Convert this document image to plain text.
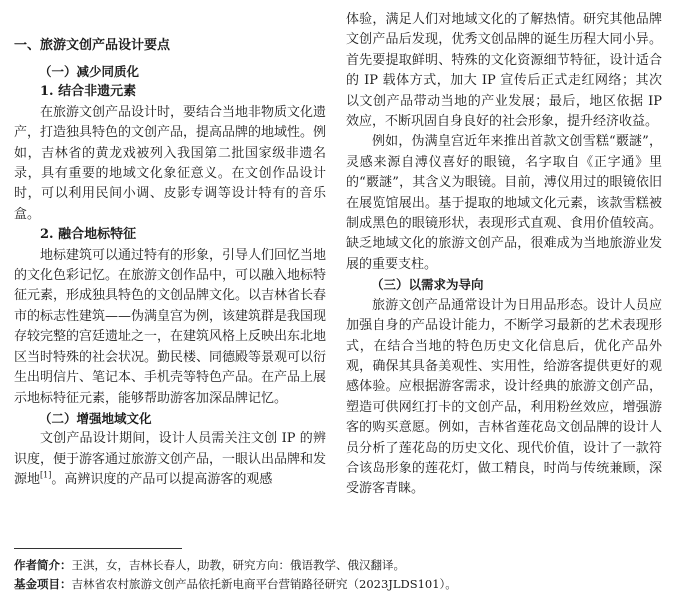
一、旅游文创产品设计要点
（一）减少同质化
1. 结合非遗元素

在旅游文创产品设计时，要结合当地非物质文化遗产，打造独具特色的文创产品，提高品牌的地域性。例如，吉林省的黄龙戏被列入我国第二批国家级非遗名录，具有重要的地域文化象征意义。在文创作品设计时，可以利用民间小调、皮影专调等设计特有的音乐盒。

2. 融合地标特征

地标建筑可以通过特有的形象，引导人们回忆当地的文化色彩记忆。在旅游文创作品中，可以融入地标特征元素，形成独具特色的文创品牌文化。以吉林省长春市的标志性建筑——伪满皇宫为例，该建筑群是我国现存较完整的宫廷遗址之一，在建筑风格上反映出东北地区当时特殊的社会状况。勤民楼、同德殿等景观可以衍生出明信片、笔记本、手机壳等特色产品。在产品上展示地标特征元素，能够帮助游客加深品牌记忆。

（二）增强地域文化

文创产品设计期间，设计人员需关注文创 IP 的辨识度，便于游客通过旅游文创产品，一眼认出品牌和发源地[1]。高辨识度的产品可以提高游客的观感

体验，满足人们对地域文化的了解热情。研究其他品牌文创产品后发现，优秀文创品牌的诞生历程大同小异。首先要提取鲜明、特殊的文化资源细节特征，设计适合的 IP 载体方式，加大 IP 宣传后正式走红网络；其次以文创产品带动当地的产业发展；最后，地区依据 IP 效应，不断巩固自身良好的社会形象，提升经济收益。

例如，伪满皇宫近年来推出首款文创雪糕“覈謎”，灵感来源自溥仪喜好的眼镜，名字取自《正字通》里的“覈謎”，其含义为眼镜。目前，溥仪用过的眼镜依旧在展览馆展出。基于提取的地域文化元素，该款雪糕被制成黑色的眼镜形状，表现形式直观、食用价值较高。缺乏地域文化的旅游文创产品，很难成为当地旅游业发展的重要支柱。

（三）以需求为导向

旅游文创产品通常设计为日用品形态。设计人员应加强自身的产品设计能力，不断学习最新的艺术表现形式，在结合当地的特色历史文化信息后，优化产品外观，确保其具备美观性、实用性，给游客提供更好的观感体验。应根据游客需求，设计经典的旅游文创产品，塑造可供网红打卡的文创产品，利用粉丝效应，增强游客的购买意愿。例如，吉林省莲花岛文创品牌的设计人员分析了莲花岛的历史文化、现代价值，设计了一款符合该岛形象的莲花灯，做工精良，时尚与传统兼顾，深受游客青睐。

作者简介：王淇，女，吉林长春人，助教，研究方向：俄语教学、俄汉翻译。
基金项目：吉林省农村旅游文创产品依托新电商平台营销路径研究（2023JLDS101）。
